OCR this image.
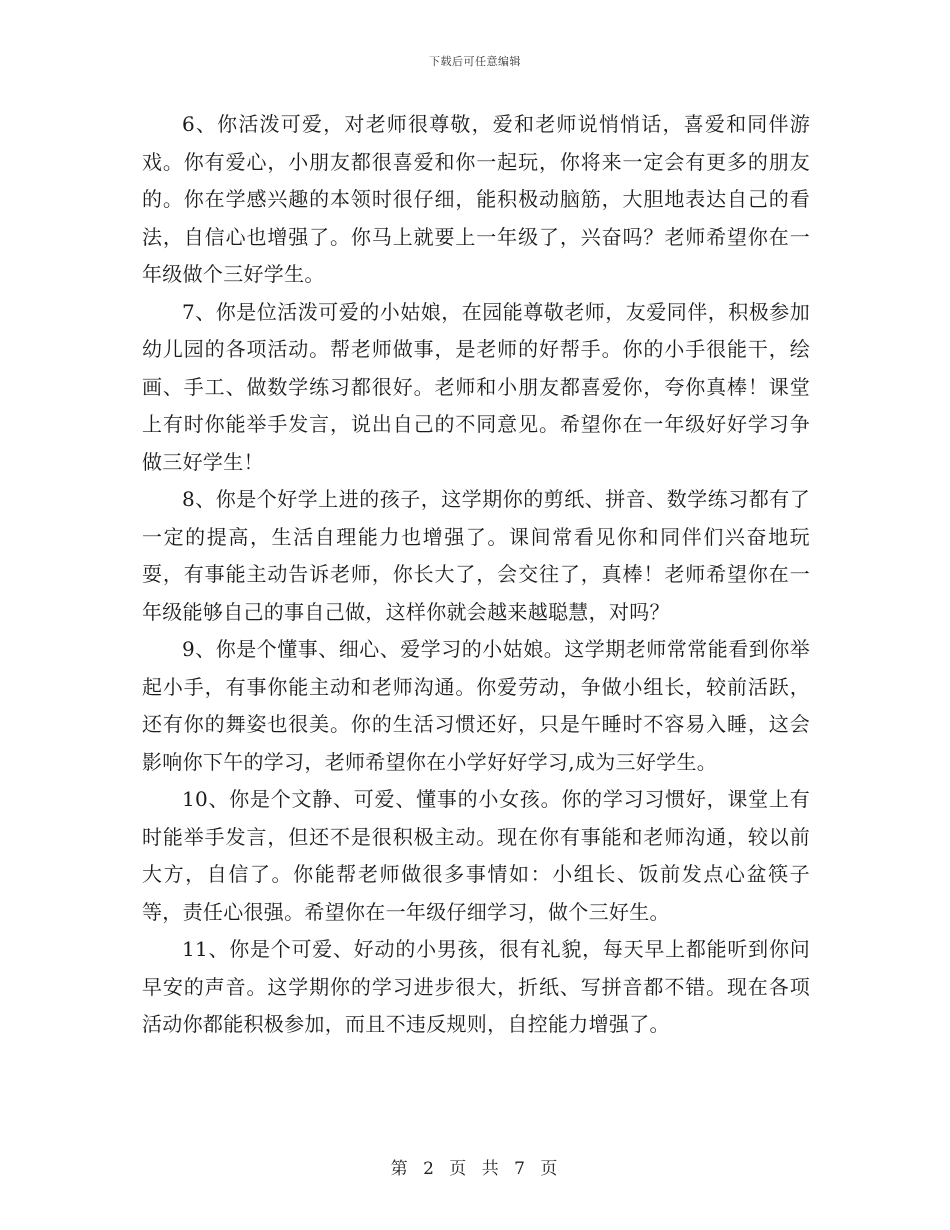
下载后可任意编辑

6、你活泼可爱，对老师很尊敬，爱和老师说悄悄话，喜爱和同伴游戏。你有爱心，小朋友都很喜爱和你一起玩，你将来一定会有更多的朋友的。你在学感兴趣的本领时很仔细，能积极动脑筋，大胆地表达自己的看法，自信心也增强了。你马上就要上一年级了，兴奋吗？老师希望你在一年级做个三好学生。

7、你是位活泼可爱的小姑娘，在园能尊敬老师，友爱同伴，积极参加幼儿园的各项活动。帮老师做事，是老师的好帮手。你的小手很能干，绘画、手工、做数学练习都很好。老师和小朋友都喜爱你，夸你真棒！课堂上有时你能举手发言，说出自己的不同意见。希望你在一年级好好学习争做三好学生！

8、你是个好学上进的孩子，这学期你的剪纸、拼音、数学练习都有了一定的提高，生活自理能力也增强了。课间常看见你和同伴们兴奋地玩耍，有事能主动告诉老师，你长大了，会交往了，真棒！老师希望你在一年级能够自己的事自己做，这样你就会越来越聪慧，对吗？

9、你是个懂事、细心、爱学习的小姑娘。这学期老师常常能看到你举起小手，有事你能主动和老师沟通。你爱劳动，争做小组长，较前活跃，还有你的舞姿也很美。你的生活习惯还好，只是午睡时不容易入睡，这会影响你下午的学习，老师希望你在小学好好学习,成为三好学生。

10、你是个文静、可爱、懂事的小女孩。你的学习习惯好，课堂上有时能举手发言，但还不是很积极主动。现在你有事能和老师沟通，较以前大方，自信了。你能帮老师做很多事情如：小组长、饭前发点心盆筷子等，责任心很强。希望你在一年级仔细学习，做个三好生。

11、你是个可爱、好动的小男孩，很有礼貌，每天早上都能听到你问早安的声音。这学期你的学习进步很大，折纸、写拼音都不错。现在各项活动你都能积极参加，而且不违反规则，自控能力增强了。

第 2 页 共 7 页
